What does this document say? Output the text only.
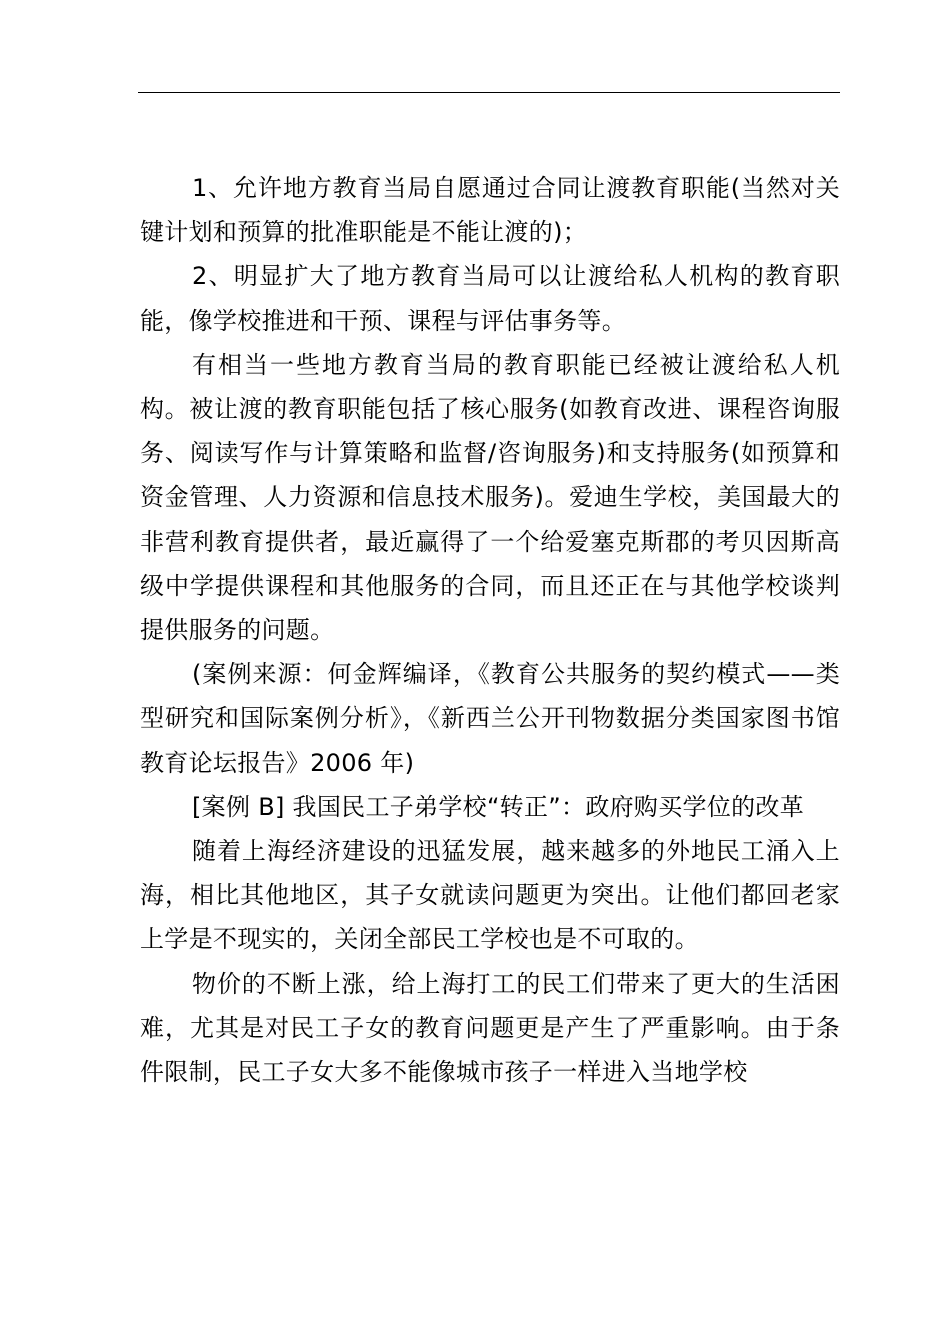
1、允许地方教育当局自愿通过合同让渡教育职能(当然对关键计划和预算的批准职能是不能让渡的)；

2、明显扩大了地方教育当局可以让渡给私人机构的教育职能，像学校推进和干预、课程与评估事务等。

有相当一些地方教育当局的教育职能已经被让渡给私人机构。被让渡的教育职能包括了核心服务(如教育改进、课程咨询服务、阅读写作与计算策略和监督/咨询服务)和支持服务(如预算和资金管理、人力资源和信息技术服务)。爱迪生学校，美国最大的非营利教育提供者，最近赢得了一个给爱塞克斯郡的考贝因斯高级中学提供课程和其他服务的合同，而且还正在与其他学校谈判提供服务的问题。

(案例来源：何金辉编译，《教育公共服务的契约模式——类型研究和国际案例分析》，《新西兰公开刊物数据分类国家图书馆教育论坛报告》2006 年)

[案例 B] 我国民工子弟学校“转正”：政府购买学位的改革

随着上海经济建设的迅猛发展，越来越多的外地民工涌入上海，相比其他地区，其子女就读问题更为突出。让他们都回老家上学是不现实的，关闭全部民工学校也是不可取的。

物价的不断上涨，给上海打工的民工们带来了更大的生活困难，尤其是对民工子女的教育问题更是产生了严重影响。由于条件限制，民工子女大多不能像城市孩子一样进入当地学校
